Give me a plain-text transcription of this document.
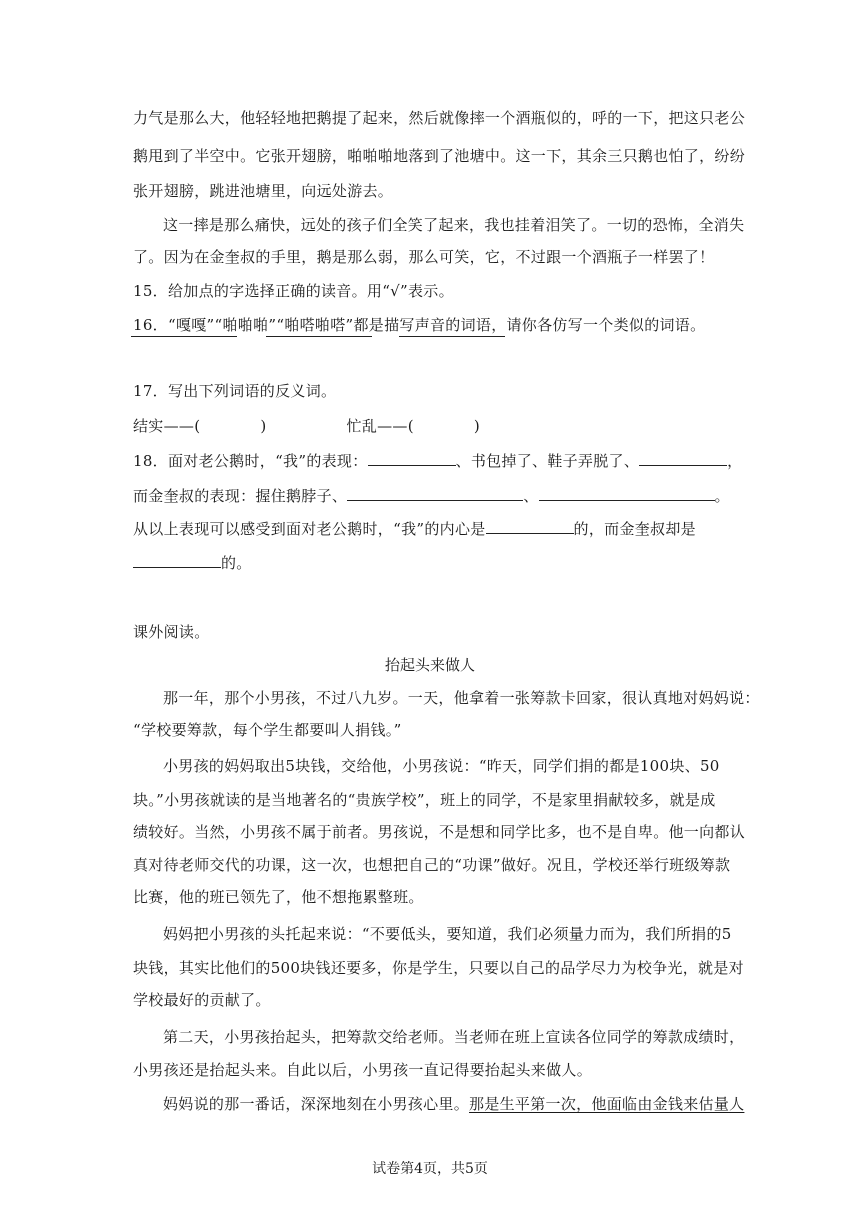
力气是那么大，他轻轻地把鹅提了起来，然后就像摔一个酒瓶似的，呼的一下，把这只老公
鹅甩到了半空中。它张开翅膀，啪啪啪地落到了池塘中。这一下，其余三只鹅也怕了，纷纷
张开翅膀，跳进池塘里，向远处游去。
这一摔是那么痛快，远处的孩子们全笑了起来，我也挂着泪笑了。一切的恐怖，全消失
了。因为在金奎叔的手里，鹅是那么弱，那么可笑，它，不过跟一个酒瓶子一样罢了！
15．给加点的字选择正确的读音。用“√”表示。
16．“嘎嘎”“啪啪啪”“啪嗒啪嗒”都是描写声音的词语，请你各仿写一个类似的词语。
17．写出下列词语的反义词。
结实——(	)	忙乱——(	)
18．面对老公鹅时，“我”的表现：	、书包掉了、鞋子弄脱了、	，
而金奎叔的表现：握住鹅脖子、	、	。
从以上表现可以感受到面对老公鹅时，“我”的内心是	的，而金奎叔却是
的。
课外阅读。
抬起头来做人
那一年，那个小男孩，不过八九岁。一天，他拿着一张筹款卡回家，很认真地对妈妈说：
“学校要筹款，每个学生都要叫人捐钱。”
小男孩的妈妈取出5块钱，交给他，小男孩说：“昨天，同学们捐的都是100块、50
块。”小男孩就读的是当地著名的“贵族学校”，班上的同学，不是家里捐献较多，就是成
绩较好。当然，小男孩不属于前者。男孩说，不是想和同学比多，也不是自卑。他一向都认
真对待老师交代的功课，这一次，也想把自己的“功课”做好。况且，学校还举行班级筹款
比赛，他的班已领先了，他不想拖累整班。
妈妈把小男孩的头托起来说：“不要低头，要知道，我们必须量力而为，我们所捐的5
块钱，其实比他们的500块钱还要多，你是学生，只要以自己的品学尽力为校争光，就是对
学校最好的贡献了。
第二天，小男孩抬起头，把筹款交给老师。当老师在班上宣读各位同学的筹款成绩时，
小男孩还是抬起头来。自此以后，小男孩一直记得要抬起头来做人。
妈妈说的那一番话，深深地刻在小男孩心里。那是生平第一次，他面临由金钱来估量人
试卷第4页，共5页
